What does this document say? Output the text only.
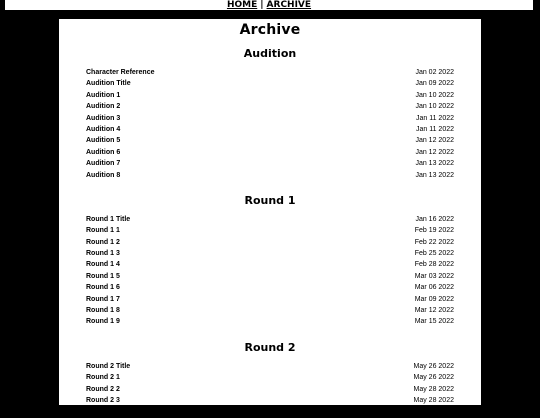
HOME | ARCHIVE
Archive
Audition
Character Reference	Jan 02 2022
Audition Title	Jan 09 2022
Audition 1	Jan 10 2022
Audition 2	Jan 10 2022
Audition 3	Jan 11 2022
Audition 4	Jan 11 2022
Audition 5	Jan 12 2022
Audition 6	Jan 12 2022
Audition 7	Jan 13 2022
Audition 8	Jan 13 2022
Round 1
Round 1 Title	Jan 16 2022
Round 1 1	Feb 19 2022
Round 1 2	Feb 22 2022
Round 1 3	Feb 25 2022
Round 1 4	Feb 28 2022
Round 1 5	Mar 03 2022
Round 1 6	Mar 06 2022
Round 1 7	Mar 09 2022
Round 1 8	Mar 12 2022
Round 1 9	Mar 15 2022
Round 2
Round 2 Title	May 26 2022
Round 2 1	May 26 2022
Round 2 2	May 28 2022
Round 2 3	May 28 2022
Round 2 4	May 28 2022
